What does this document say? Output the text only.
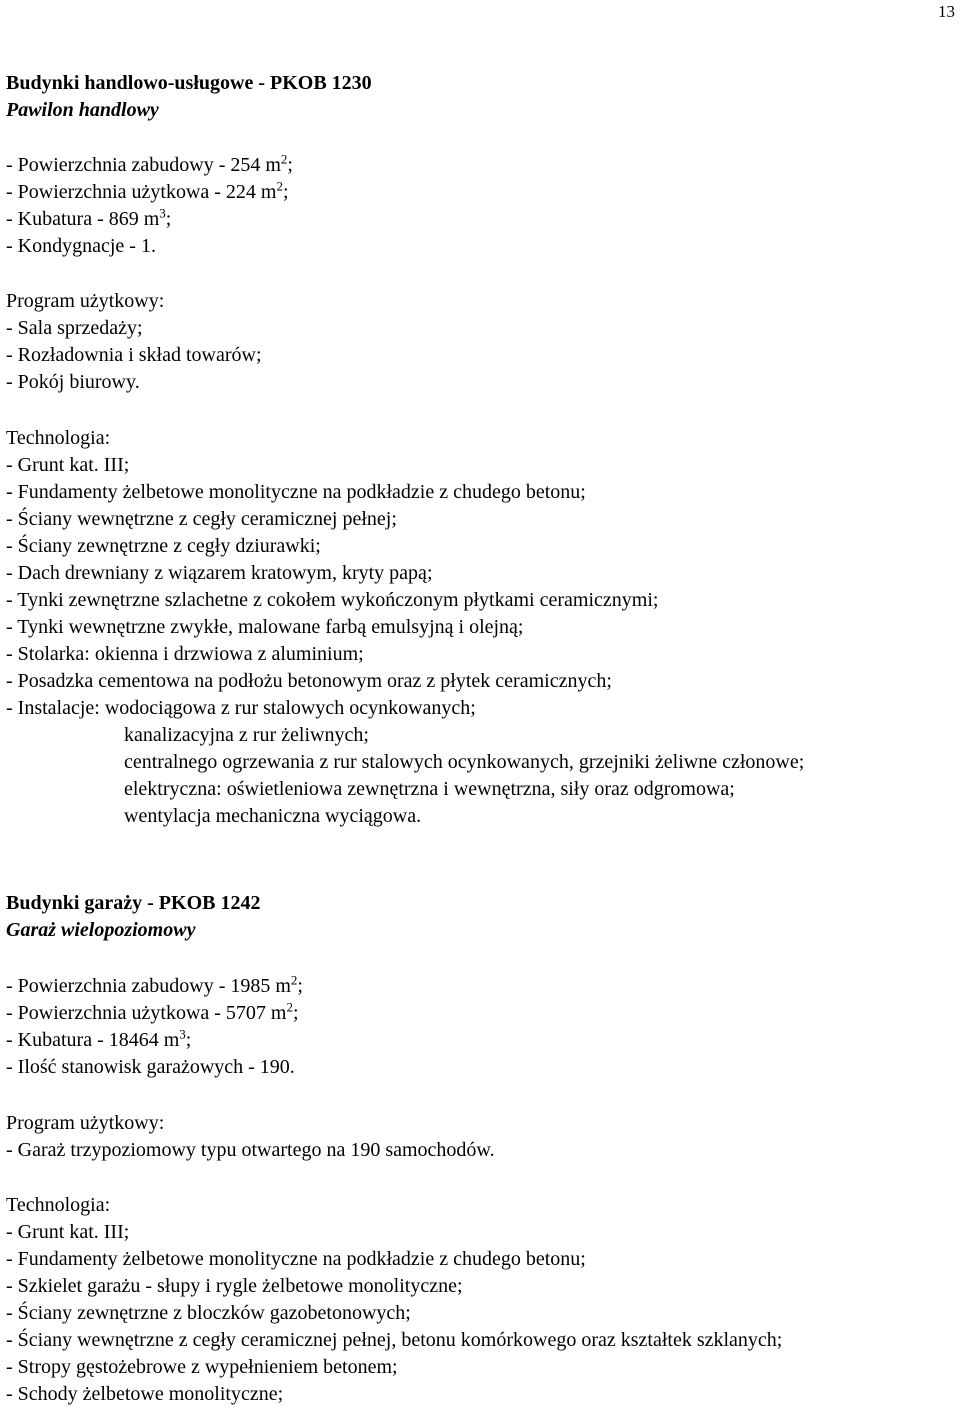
13
Budynki handlowo-usługowe - PKOB 1230
Pawilon handlowy
- Powierzchnia zabudowy - 254 $m^2$;
- Powierzchnia użytkowa - 224 $m^2$;
- Kubatura - 869 $m^3$;
- Kondygnacje - 1.
Program użytkowy:
- Sala sprzedaży;
- Rozładownia i skład towarów;
- Pokój biurowy.
Technologia:
- Grunt kat. III;
- Fundamenty żelbetowe monolityczne na podkładzie z chudego betonu;
- Ściany wewnętrzne z cegły ceramicznej pełnej;
- Ściany zewnętrzne z cegły dziurawki;
- Dach drewniany z wiązarem kratowym, kryty papą;
- Tynki zewnętrzne szlachetne z cokołem wykończonym płytkami ceramicznymi;
- Tynki wewnętrzne zwykłe, malowane farbą emulsyjną i olejną;
- Stolarka: okienna i drzwiowa z aluminium;
- Posadzka cementowa na podłożu betonowym oraz z płytek ceramicznych;
- Instalacje: wodociągowa z rur stalowych ocynkowanych;
kanalizacyjna z rur żeliwnych;
centralnego ogrzewania z rur stalowych ocynkowanych, grzejniki żeliwne członowe;
elektryczna: oświetleniowa zewnętrzna i wewnętrzna, siły oraz odgromowa;
wentylacja mechaniczna wyciągowa.
Budynki garaży - PKOB 1242
Garaż wielopoziomowy
- Powierzchnia zabudowy - 1985 $m^2$;
- Powierzchnia użytkowa - 5707 $m^2$;
- Kubatura - 18464 $m^3$;
- Ilość stanowisk garażowych - 190.
Program użytkowy:
- Garaż trzypoziomowy typu otwartego na 190 samochodów.
Technologia:
- Grunt kat. III;
- Fundamenty żelbetowe monolityczne na podkładzie z chudego betonu;
- Szkielet garażu - słupy i rygle żelbetowe monolityczne;
- Ściany zewnętrzne z bloczków gazobetonowych;
- Ściany wewnętrzne z cegły ceramicznej pełnej, betonu komórkowego oraz kształtek szklanych;
- Stropy gęstożebrowe z wypełnieniem betonem;
- Schody żelbetowe monolityczne;
